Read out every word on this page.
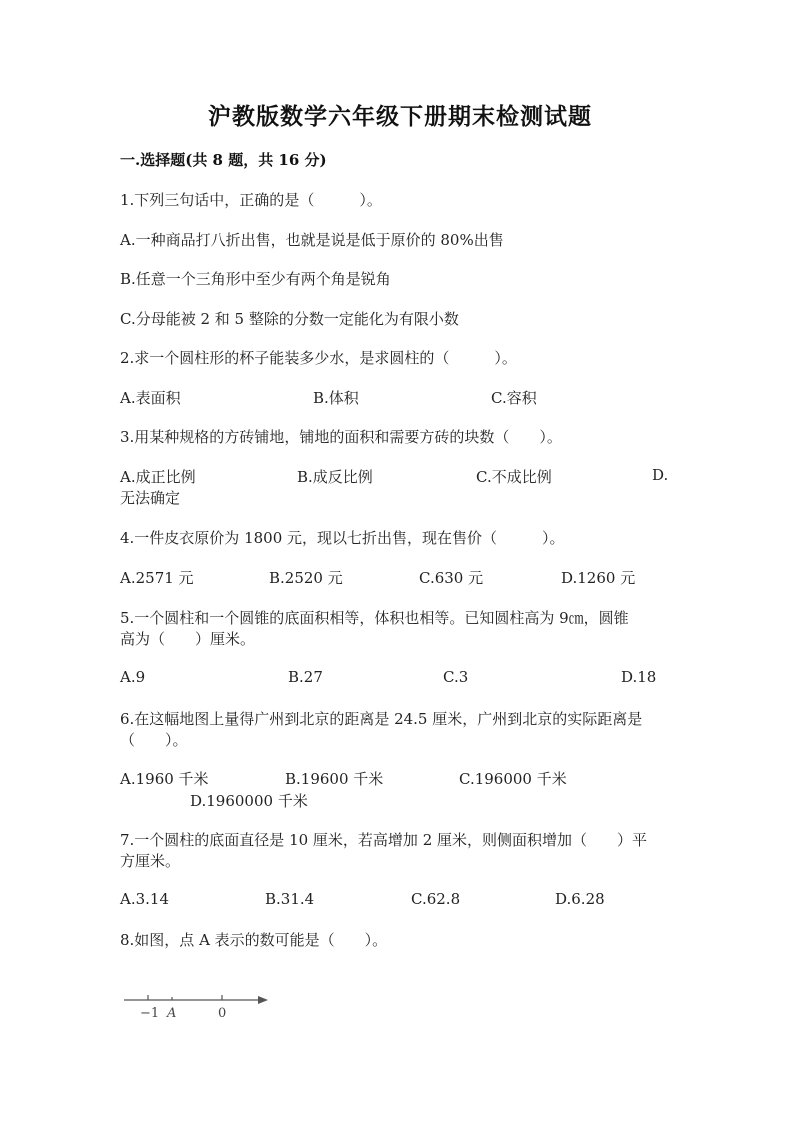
沪教版数学六年级下册期末检测试题
一.选择题(共 8 题，共 16 分)
1.下列三句话中，正确的是（　　　）。
A.一种商品打八折出售，也就是说是低于原价的 80%出售
B.任意一个三角形中至少有两个角是锐角
C.分母能被 2 和 5 整除的分数一定能化为有限小数
2.求一个圆柱形的杯子能装多少水，是求圆柱的（　　　）。
A.表面积	B.体积	C.容积
3.用某种规格的方砖铺地，铺地的面积和需要方砖的块数（　　）。
A.成正比例	B.成反比例	C.不成比例	D.
无法确定
4.一件皮衣原价为 1800 元，现以七折出售，现在售价（　　　）。
A.2571 元	B.2520 元	C.630 元	D.1260 元
5.一个圆柱和一个圆锥的底面积相等，体积也相等。已知圆柱高为 9㎝，圆锥
高为（　　）厘米。
A.9	B.27	C.3	D.18
6.在这幅地图上量得广州到北京的距离是 24.5 厘米，广州到北京的实际距离是
（　　）。
A.1960 千米	B.19600 千米	C.196000 千米
D.1960000 千米
7.一个圆柱的底面直径是 10 厘米，若高增加 2 厘米，则侧面积增加（　　）平
方厘米。
A.3.14	B.31.4	C.62.8	D.6.28
8.如图，点 A 表示的数可能是（　　）。
−1 A	0
